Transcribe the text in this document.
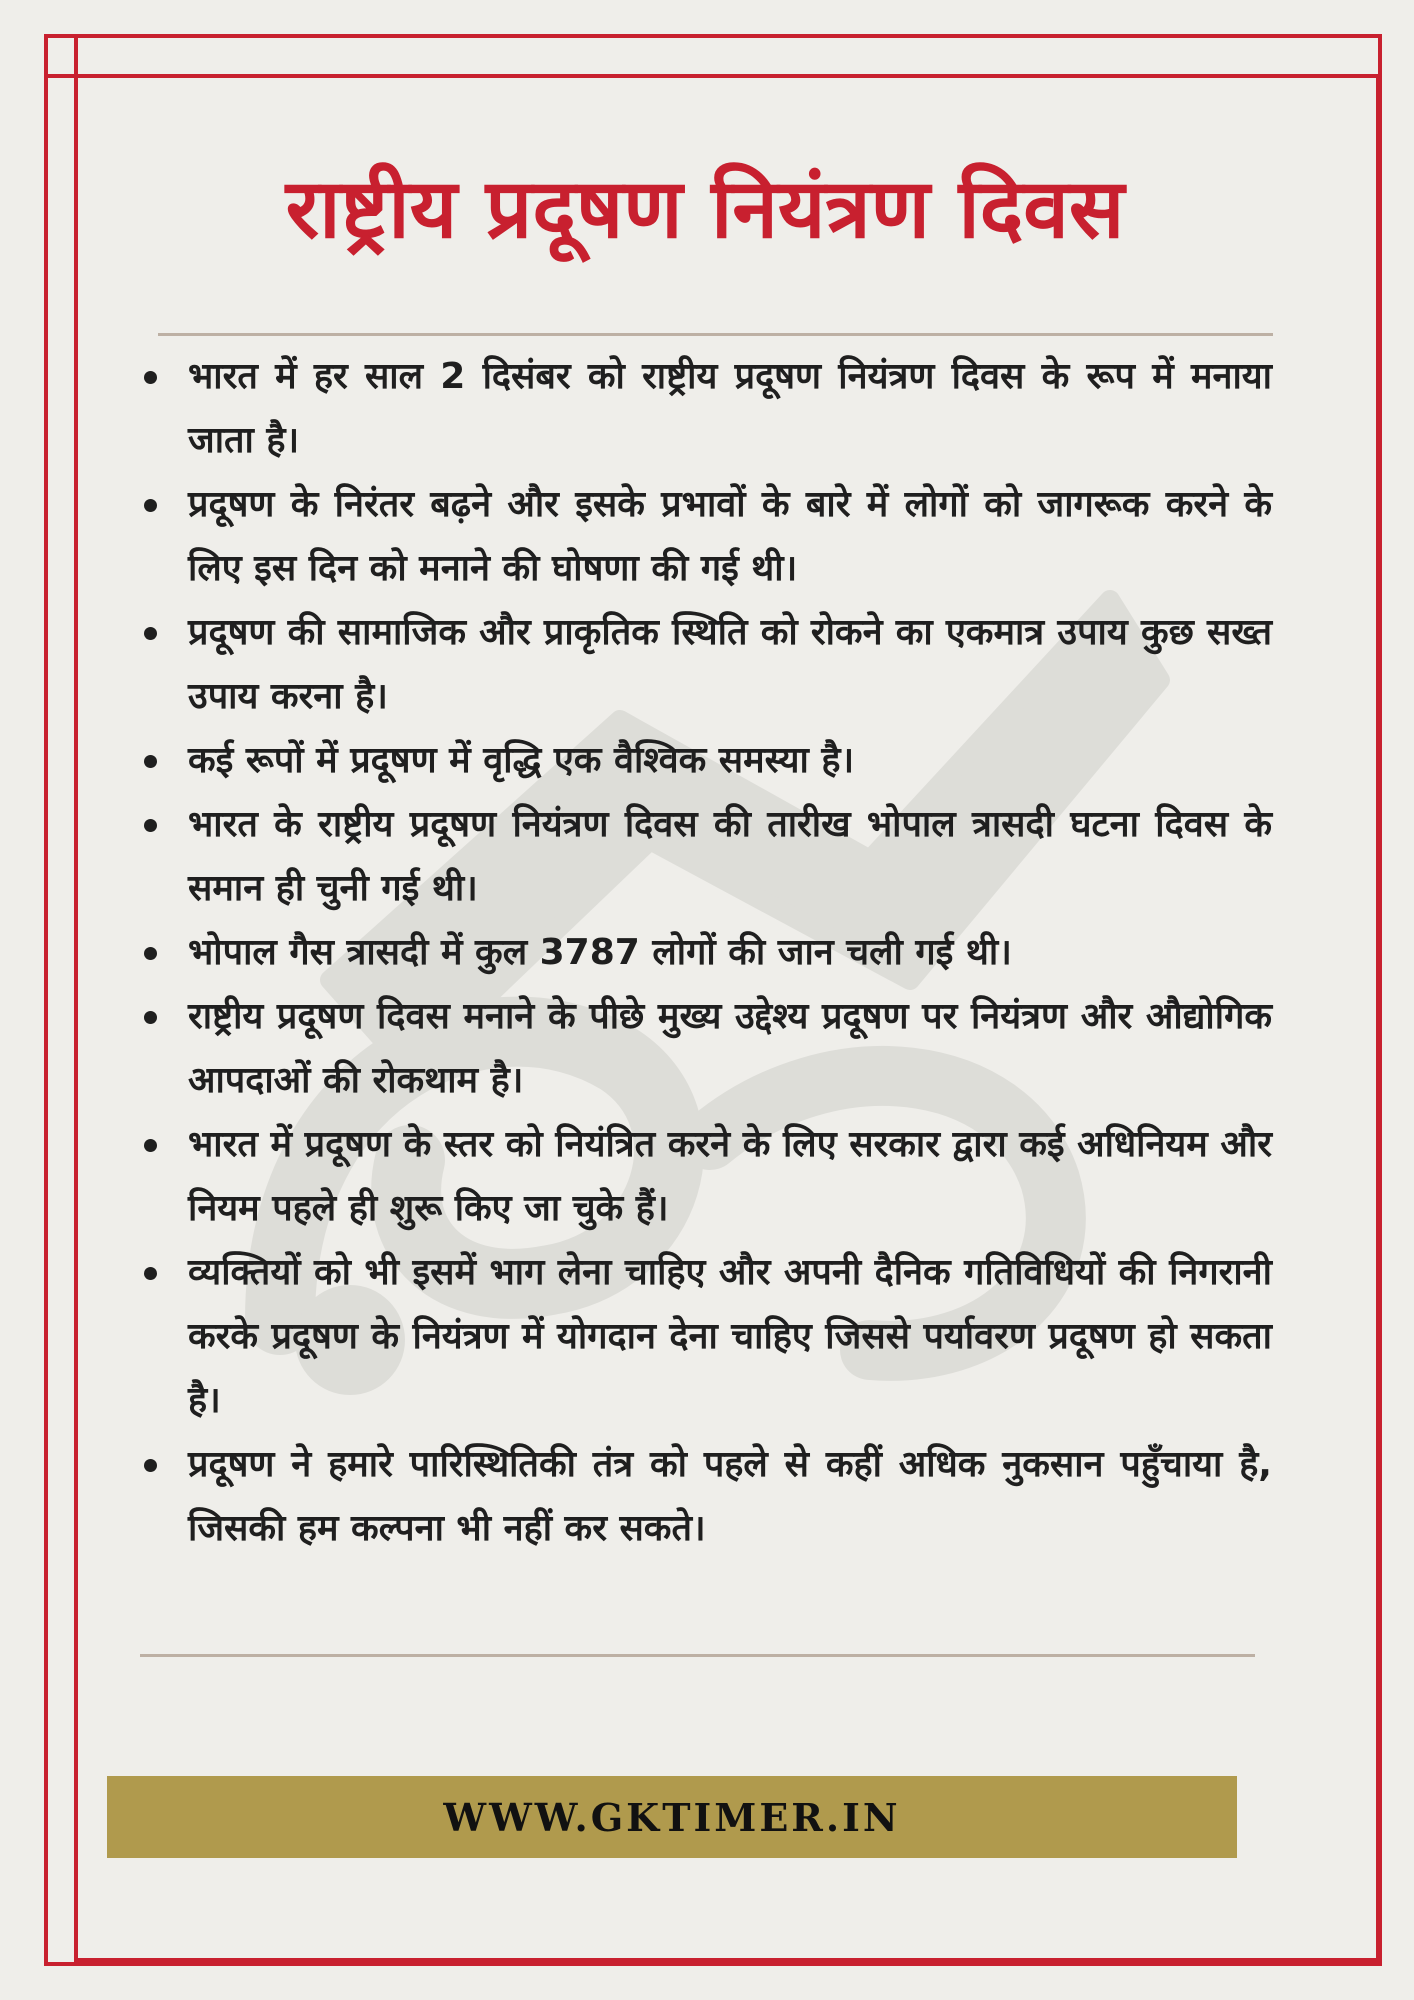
राष्ट्रीय प्रदूषण नियंत्रण दिवस
भारत में हर साल 2 दिसंबर को राष्ट्रीय प्रदूषण नियंत्रण दिवस के रूप में मनाया जाता है।
प्रदूषण के निरंतर बढ़ने और इसके प्रभावों के बारे में लोगों को जागरूक करने के लिए इस दिन को मनाने की घोषणा की गई थी।
प्रदूषण की सामाजिक और प्राकृतिक स्थिति को रोकने का एकमात्र उपाय कुछ सख्त उपाय करना है।
कई रूपों में प्रदूषण में वृद्धि एक वैश्विक समस्या है।
भारत के राष्ट्रीय प्रदूषण नियंत्रण दिवस की तारीख भोपाल त्रासदी घटना दिवस के समान ही चुनी गई थी।
भोपाल गैस त्रासदी में कुल 3787 लोगों की जान चली गई थी।
राष्ट्रीय प्रदूषण दिवस मनाने के पीछे मुख्य उद्देश्य प्रदूषण पर नियंत्रण और औद्योगिक आपदाओं की रोकथाम है।
भारत में प्रदूषण के स्तर को नियंत्रित करने के लिए सरकार द्वारा कई अधिनियम और नियम पहले ही शुरू किए जा चुके हैं।
व्यक्तियों को भी इसमें भाग लेना चाहिए और अपनी दैनिक गतिविधियों की निगरानी करके प्रदूषण के नियंत्रण में योगदान देना चाहिए जिससे पर्यावरण प्रदूषण हो सकता है।
प्रदूषण ने हमारे पारिस्थितिकी तंत्र को पहले से कहीं अधिक नुकसान पहुँचाया है, जिसकी हम कल्पना भी नहीं कर सकते।
WWW.GKTIMER.IN
